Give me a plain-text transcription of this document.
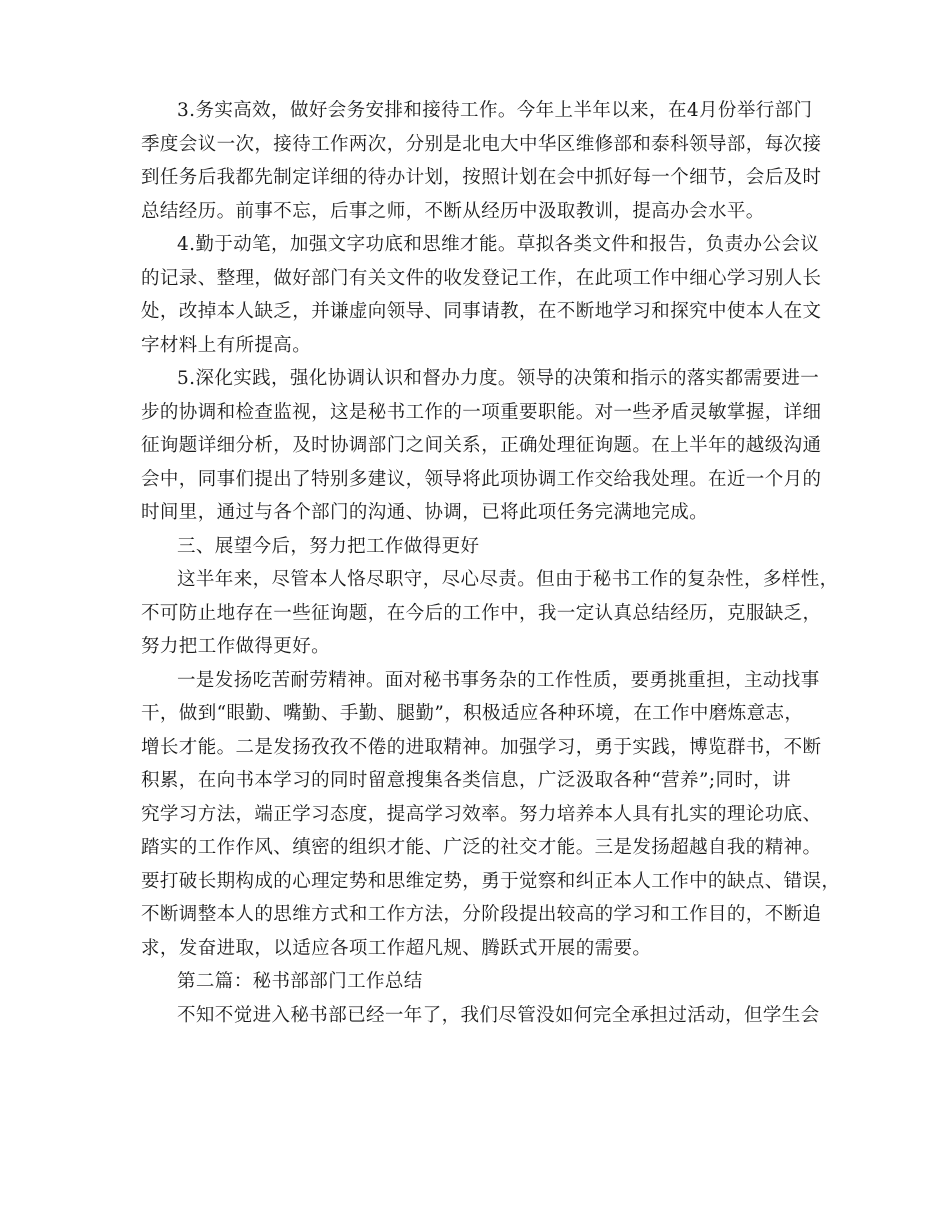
3.务实高效，做好会务安排和接待工作。今年上半年以来，在4月份举行部门
季度会议一次，接待工作两次，分别是北电大中华区维修部和泰科领导部，每次接
到任务后我都先制定详细的待办计划，按照计划在会中抓好每一个细节，会后及时
总结经历。前事不忘，后事之师，不断从经历中汲取教训，提高办会水平。
4.勤于动笔，加强文字功底和思维才能。草拟各类文件和报告，负责办公会议
的记录、整理，做好部门有关文件的收发登记工作，在此项工作中细心学习别人长
处，改掉本人缺乏，并谦虚向领导、同事请教，在不断地学习和探究中使本人在文
字材料上有所提高。
5.深化实践，强化协调认识和督办力度。领导的决策和指示的落实都需要进一
步的协调和检查监视，这是秘书工作的一项重要职能。对一些矛盾灵敏掌握，详细
征询题详细分析，及时协调部门之间关系，正确处理征询题。在上半年的越级沟通
会中，同事们提出了特别多建议，领导将此项协调工作交给我处理。在近一个月的
时间里，通过与各个部门的沟通、协调，已将此项任务完满地完成。
三、展望今后，努力把工作做得更好
这半年来，尽管本人恪尽职守，尽心尽责。但由于秘书工作的复杂性，多样性，
不可防止地存在一些征询题，在今后的工作中，我一定认真总结经历，克服缺乏，
努力把工作做得更好。
一是发扬吃苦耐劳精神。面对秘书事务杂的工作性质，要勇挑重担，主动找事
干，做到“眼勤、嘴勤、手勤、腿勤”，积极适应各种环境，在工作中磨炼意志，
增长才能。二是发扬孜孜不倦的进取精神。加强学习，勇于实践，博览群书，不断
积累，在向书本学习的同时留意搜集各类信息，广泛汲取各种“营养”;同时，讲
究学习方法，端正学习态度，提高学习效率。努力培养本人具有扎实的理论功底、
踏实的工作作风、缜密的组织才能、广泛的社交才能。三是发扬超越自我的精神。
要打破长期构成的心理定势和思维定势，勇于觉察和纠正本人工作中的缺点、错误，
不断调整本人的思维方式和工作方法，分阶段提出较高的学习和工作目的，不断追
求，发奋进取，以适应各项工作超凡规、腾跃式开展的需要。
第二篇：秘书部部门工作总结
不知不觉进入秘书部已经一年了，我们尽管没如何完全承担过活动，但学生会
